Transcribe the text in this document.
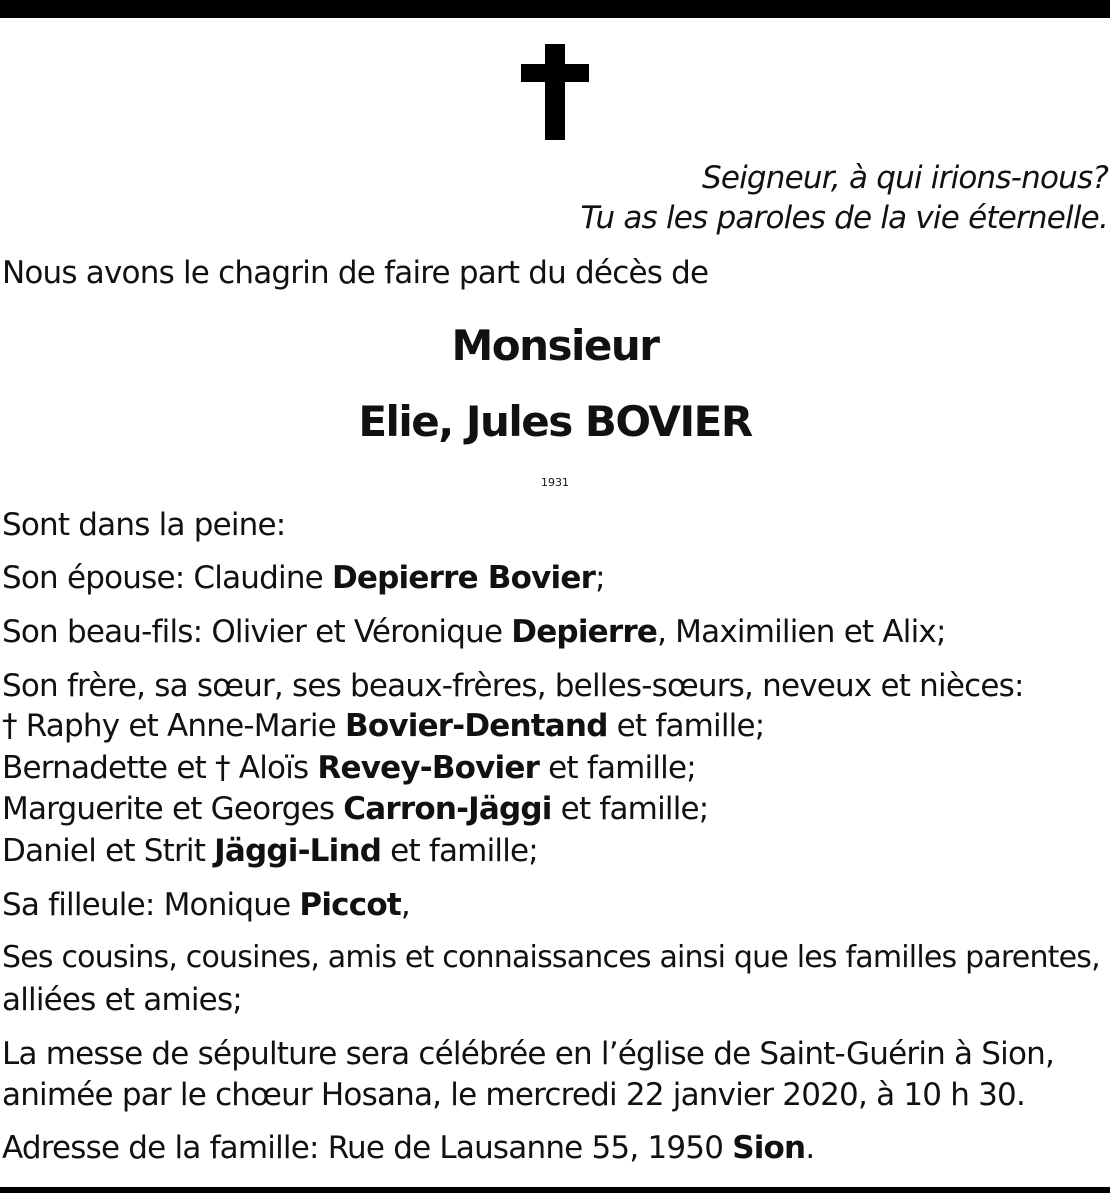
Seigneur, à qui irions-nous?
Tu as les paroles de la vie éternelle.
Nous avons le chagrin de faire part du décès de
Monsieur
Elie, Jules BOVIER
1931
Sont dans la peine:
Son épouse: Claudine Depierre Bovier;
Son beau-fils: Olivier et Véronique Depierre, Maximilien et Alix;
Son frère, sa sœur, ses beaux-frères, belles-sœurs, neveux et nièces:
† Raphy et Anne-Marie Bovier-Dentand et famille;
Bernadette et † Aloïs Revey-Bovier et famille;
Marguerite et Georges Carron-Jäggi et famille;
Daniel et Strit Jäggi-Lind et famille;
Sa filleule: Monique Piccot,
Ses cousins, cousines, amis et connaissances ainsi que les familles parentes,
alliées et amies;
La messe de sépulture sera célébrée en l’église de Saint-Guérin à Sion,
animée par le chœur Hosana, le mercredi 22 janvier 2020, à 10 h 30.
Adresse de la famille: Rue de Lausanne 55, 1950 Sion.
